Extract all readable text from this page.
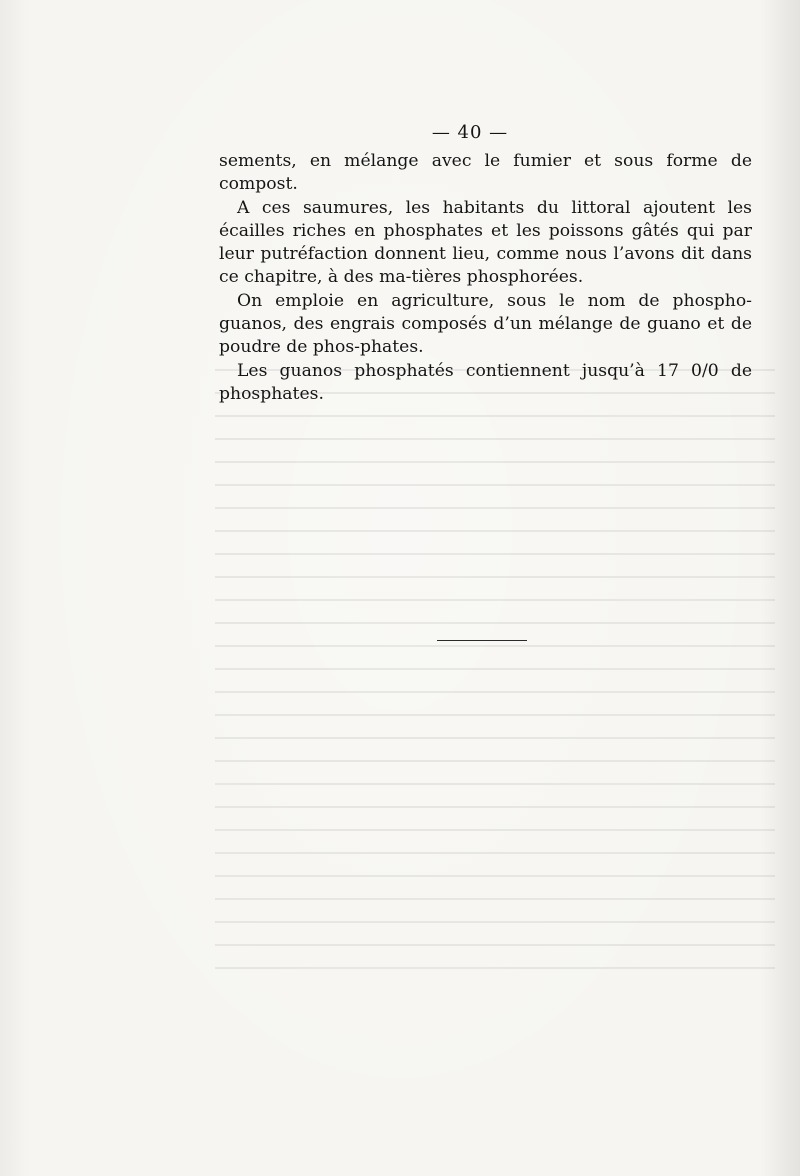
— 40 —

sements, en mélange avec le fumier et sous forme de compost.

A ces saumures, les habitants du littoral ajoutent les écailles riches en phosphates et les poissons gâtés qui par leur putréfaction donnent lieu, comme nous l’avons dit dans ce chapitre, à des ma-tières phosphorées.

On emploie en agriculture, sous le nom de phospho-guanos, des engrais composés d’un mélange de guano et de poudre de phos-phates.

Les guanos phosphatés contiennent jusqu’à 17 0/0 de phosphates.
